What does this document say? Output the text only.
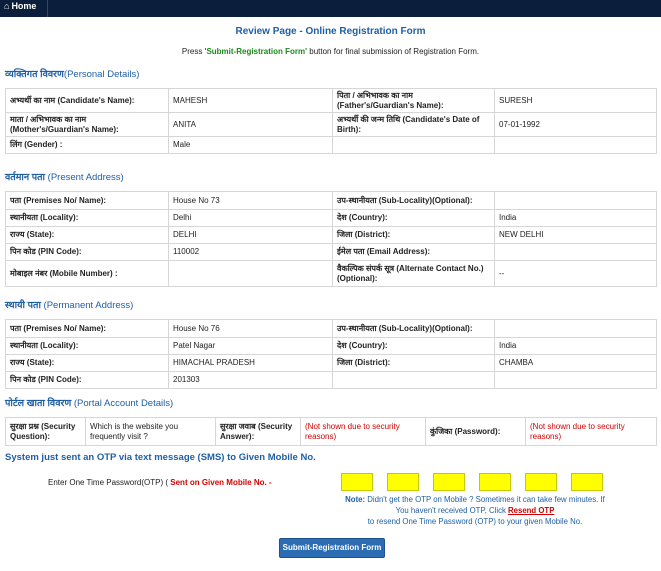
⌂ Home
Review Page - Online Registration Form
Press 'Submit-Registration Form' button for final submission of Registration Form.
व्यक्तिगत विवरण(Personal Details)
अभ्यर्थी का नाम (Candidate's Name):	MAHESH	पिता / अभिभावक का नाम (Father's/Guardian's Name):	SURESH
माता / अभिभावक का नाम (Mother's/Guardian's Name):	ANITA	अभ्यर्थी की जन्म तिथि (Candidate's Date of Birth):	07-01-1992
लिंग (Gender) :	Male		
वर्तमान पता (Present Address)
पता (Premises No/ Name):	House No 73	उप-स्थानीयता (Sub-Locality)(Optional):	
स्थानीयता (Locality):	Delhi	देश (Country):	India
राज्य (State):	DELHI	जिला (District):	NEW DELHI
पिन कोड (PIN Code):	110002	ईमेल पता (Email Address):	
मोबाइल नंबर (Mobile Number) :		वैकल्पिक संपर्क सूत्र (Alternate Contact No.)(Optional):	--
स्थायी पता (Permanent Address)
पता (Premises No/ Name):	House No 76	उप-स्थानीयता (Sub-Locality)(Optional):	
स्थानीयता (Locality):	Patel Nagar	देश (Country):	India
राज्य (State):	HIMACHAL PRADESH	जिला (District):	CHAMBA
पिन कोड (PIN Code):	201303		
पोर्टल खाता विवरण (Portal Account Details)
सुरक्षा प्रश्न (Security Question):	Which is the website you frequently visit ?	सुरक्षा जवाब (Security Answer):	(Not shown due to security reasons)	कुंजिका (Password):	(Not shown due to security reasons)
System just sent an OTP via text message (SMS) to Given Mobile No.
Enter One Time Password(OTP) ( Sent on Given Mobile No. -
Note: Didn't get the OTP on Mobile ? Sometimes it can take few minutes. If You haven't received OTP, Click Resend OTP
to resend One Time Password (OTP) to your given Mobile No.
Submit-Registration Form
